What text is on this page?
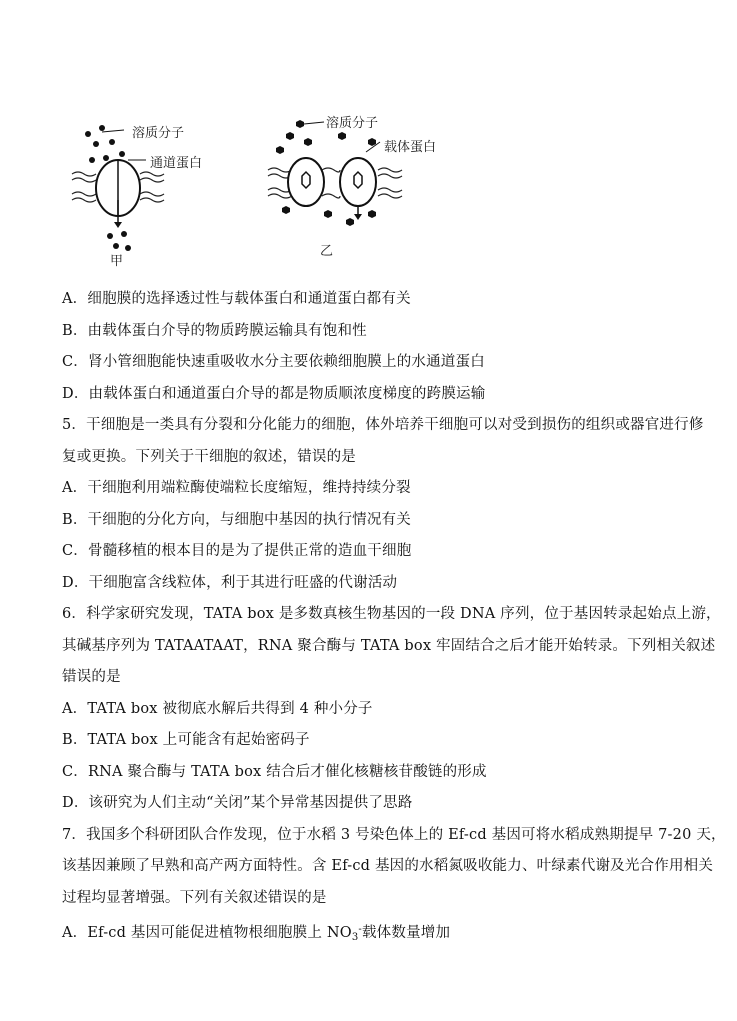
溶质分子
通道蛋白
甲
溶质分子
载体蛋白
乙
A．细胞膜的选择透过性与载体蛋白和通道蛋白都有关
B．由载体蛋白介导的物质跨膜运输具有饱和性
C．肾小管细胞能快速重吸收水分主要依赖细胞膜上的水通道蛋白
D．由载体蛋白和通道蛋白介导的都是物质顺浓度梯度的跨膜运输
5．干细胞是一类具有分裂和分化能力的细胞，体外培养干细胞可以对受到损伤的组织或器官进行修
复或更换。下列关于干细胞的叙述，错误的是
A．干细胞利用端粒酶使端粒长度缩短，维持持续分裂
B．干细胞的分化方向，与细胞中基因的执行情况有关
C．骨髓移植的根本目的是为了提供正常的造血干细胞
D．干细胞富含线粒体，利于其进行旺盛的代谢活动
6．科学家研究发现，TATA box 是多数真核生物基因的一段 DNA 序列，位于基因转录起始点上游，
其碱基序列为 TATAATAAT，RNA 聚合酶与 TATA box 牢固结合之后才能开始转录。下列相关叙述
错误的是
A．TATA box 被彻底水解后共得到 4 种小分子
B．TATA box 上可能含有起始密码子
C．RNA 聚合酶与 TATA box 结合后才催化核糖核苷酸链的形成
D．该研究为人们主动“关闭”某个异常基因提供了思路
7．我国多个科研团队合作发现，位于水稻 3 号染色体上的 Ef-cd 基因可将水稻成熟期提早 7-20 天，
该基因兼顾了早熟和高产两方面特性。含 Ef-cd 基因的水稻氮吸收能力、叶绿素代谢及光合作用相关
过程均显著增强。下列有关叙述错误的是
A．Ef-cd 基因可能促进植物根细胞膜上 $NO_3^-$载体数量增加
